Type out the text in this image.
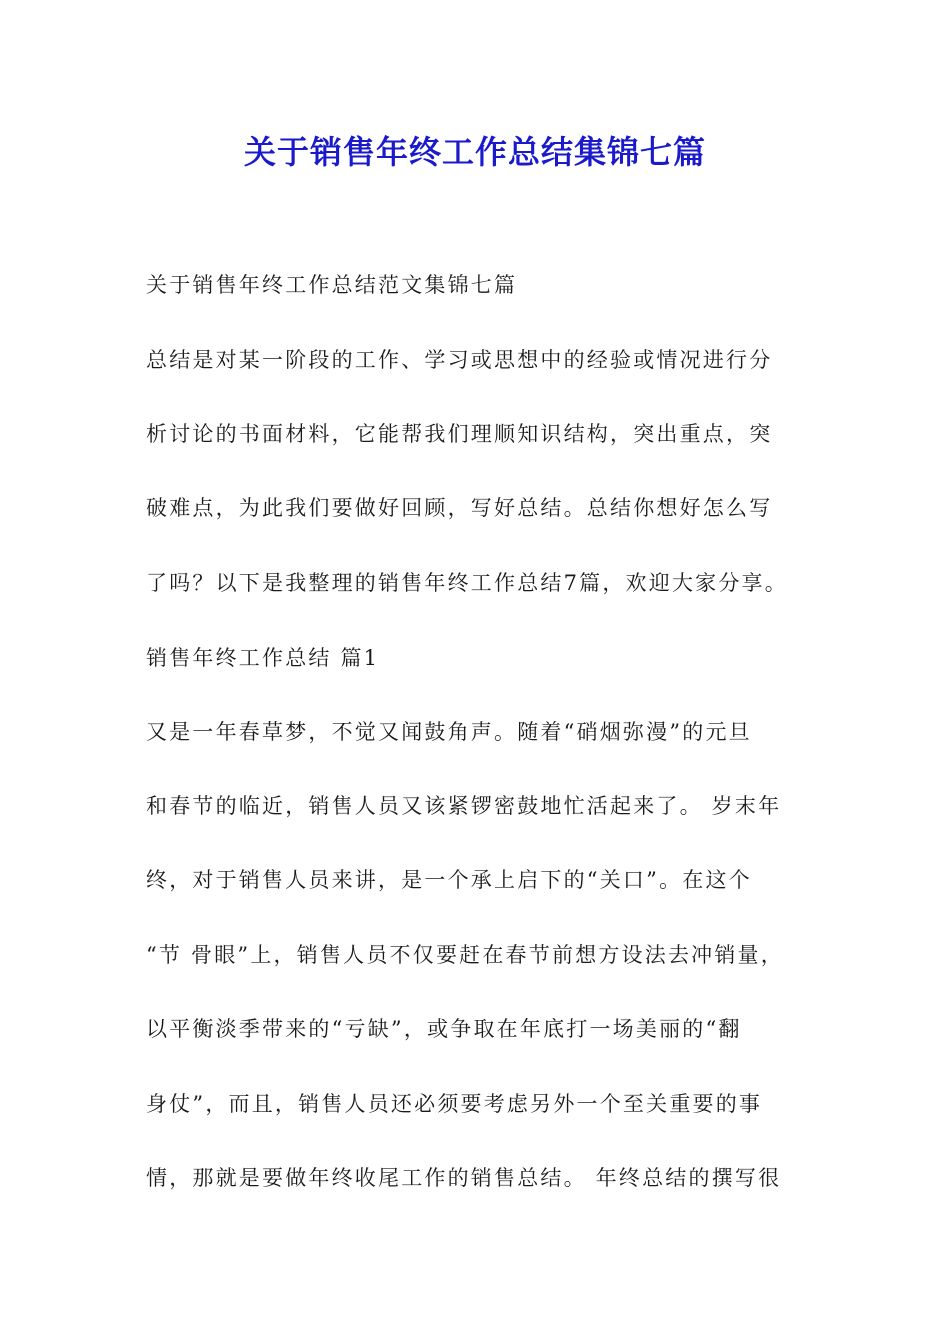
关于销售年终工作总结集锦七篇
关于销售年终工作总结范文集锦七篇
总结是对某一阶段的工作、学习或思想中的经验或情况进行分
析讨论的书面材料，它能帮我们理顺知识结构，突出重点，突
破难点，为此我们要做好回顾，写好总结。总结你想好怎么写
了吗？以下是我整理的销售年终工作总结7篇，欢迎大家分享。
销售年终工作总结 篇1
又是一年春草梦，不觉又闻鼓角声。随着“硝烟弥漫”的元旦
和春节的临近，销售人员又该紧锣密鼓地忙活起来了。 岁末年
终，对于销售人员来讲，是一个承上启下的“关口”。在这个
“节 骨眼”上，销售人员不仅要赶在春节前想方设法去冲销量，
以平衡淡季带来的“亏缺”，或争取在年底打一场美丽的“翻
身仗”，而且，销售人员还必须要考虑另外一个至关重要的事
情，那就是要做年终收尾工作的销售总结。 年终总结的撰写很
